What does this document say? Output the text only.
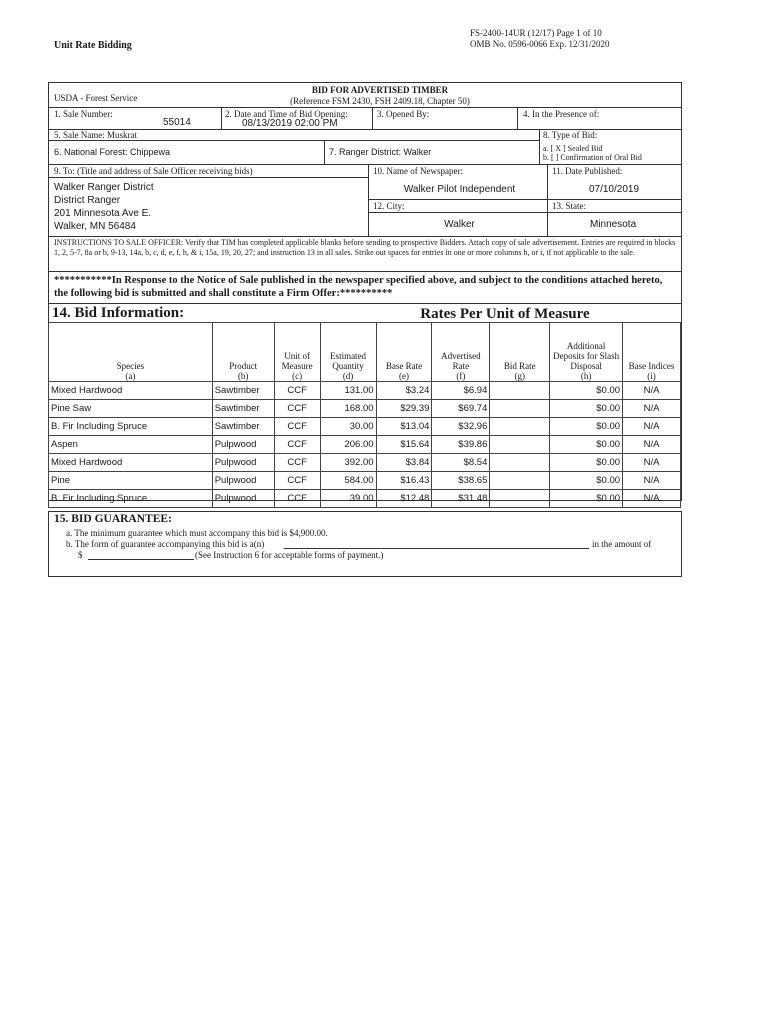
Unit Rate Bidding
FS-2400-14UR (12/17) Page 1 of 10
OMB No. 0596-0066 Exp. 12/31/2020
BID FOR ADVERTISED TIMBER
(Reference FSM 2430, FSH 2409.18, Chapter 50)
USDA - Forest Service
1. Sale Number:
55014
2. Date and Time of Bid Opening:
08/13/2019 02:00 PM
3. Opened By:	4. In the Presence of:
5. Sale Name: Muskrat	8. Type of Bid:
a. [ X ] Sealed Bid
b. [ ] Confirmation of Oral Bid
6. National Forest: Chippewa	7. Ranger District: Walker
9. To: (Title and address of Sale Officer receiving bids)
Walker Ranger District
District Ranger
201 Minnesota Ave E.
Walker, MN 56484
10. Name of Newspaper:
Walker Pilot Independent
11. Date Published:
07/10/2019
12. City:
Walker
13. State:
Minnesota
INSTRUCTIONS TO SALE OFFICER: Verify that TIM has completed applicable blanks before sending to prospective Bidders. Attach copy of sale advertisement. Entries are required in blocks 1, 2, 5-7, 8a or b, 9-13, 14a, b, c, d, e, f, h, & i, 15a, 19, 20, 27; and instruction 13 in all sales. Strike out spaces for entries in one or more columns h, or i, if not applicable to the sale.
***********In Response to the Notice of Sale published in the newspaper specified above, and subject to the conditions attached hereto, the following bid is submitted and shall constitute a Firm Offer:**********
14. Bid Information:	Rates Per Unit of Measure
Species
(a)	Product
(b)	Unit of Measure
(c)	Estimated Quantity
(d)	Base Rate
(e)	Advertised Rate
(f)	Bid Rate
(g)	Additional Deposits for Slash Disposal
(h)	Base Indices
(i)
Mixed Hardwood	Sawtimber	CCF	131.00	$3.24	$6.94		$0.00	N/A
Pine Saw	Sawtimber	CCF	168.00	$29.39	$69.74		$0.00	N/A
B. Fir Including Spruce	Sawtimber	CCF	30.00	$13.04	$32.96		$0.00	N/A
Aspen	Pulpwood	CCF	206.00	$15.64	$39.86		$0.00	N/A
Mixed Hardwood	Pulpwood	CCF	392.00	$3.84	$8.54		$0.00	N/A
Pine	Pulpwood	CCF	584.00	$16.43	$38.65		$0.00	N/A
B. Fir Including Spruce	Pulpwood	CCF	39.00	$12.48	$31.48		$0.00	N/A
15. BID GUARANTEE:
a. The minimum guarantee which must accompany this bid is $4,900.00.
b. The form of guarantee accompanying this bid is a(n)	in the amount of
$	(See Instruction 6 for acceptable forms of payment.)
